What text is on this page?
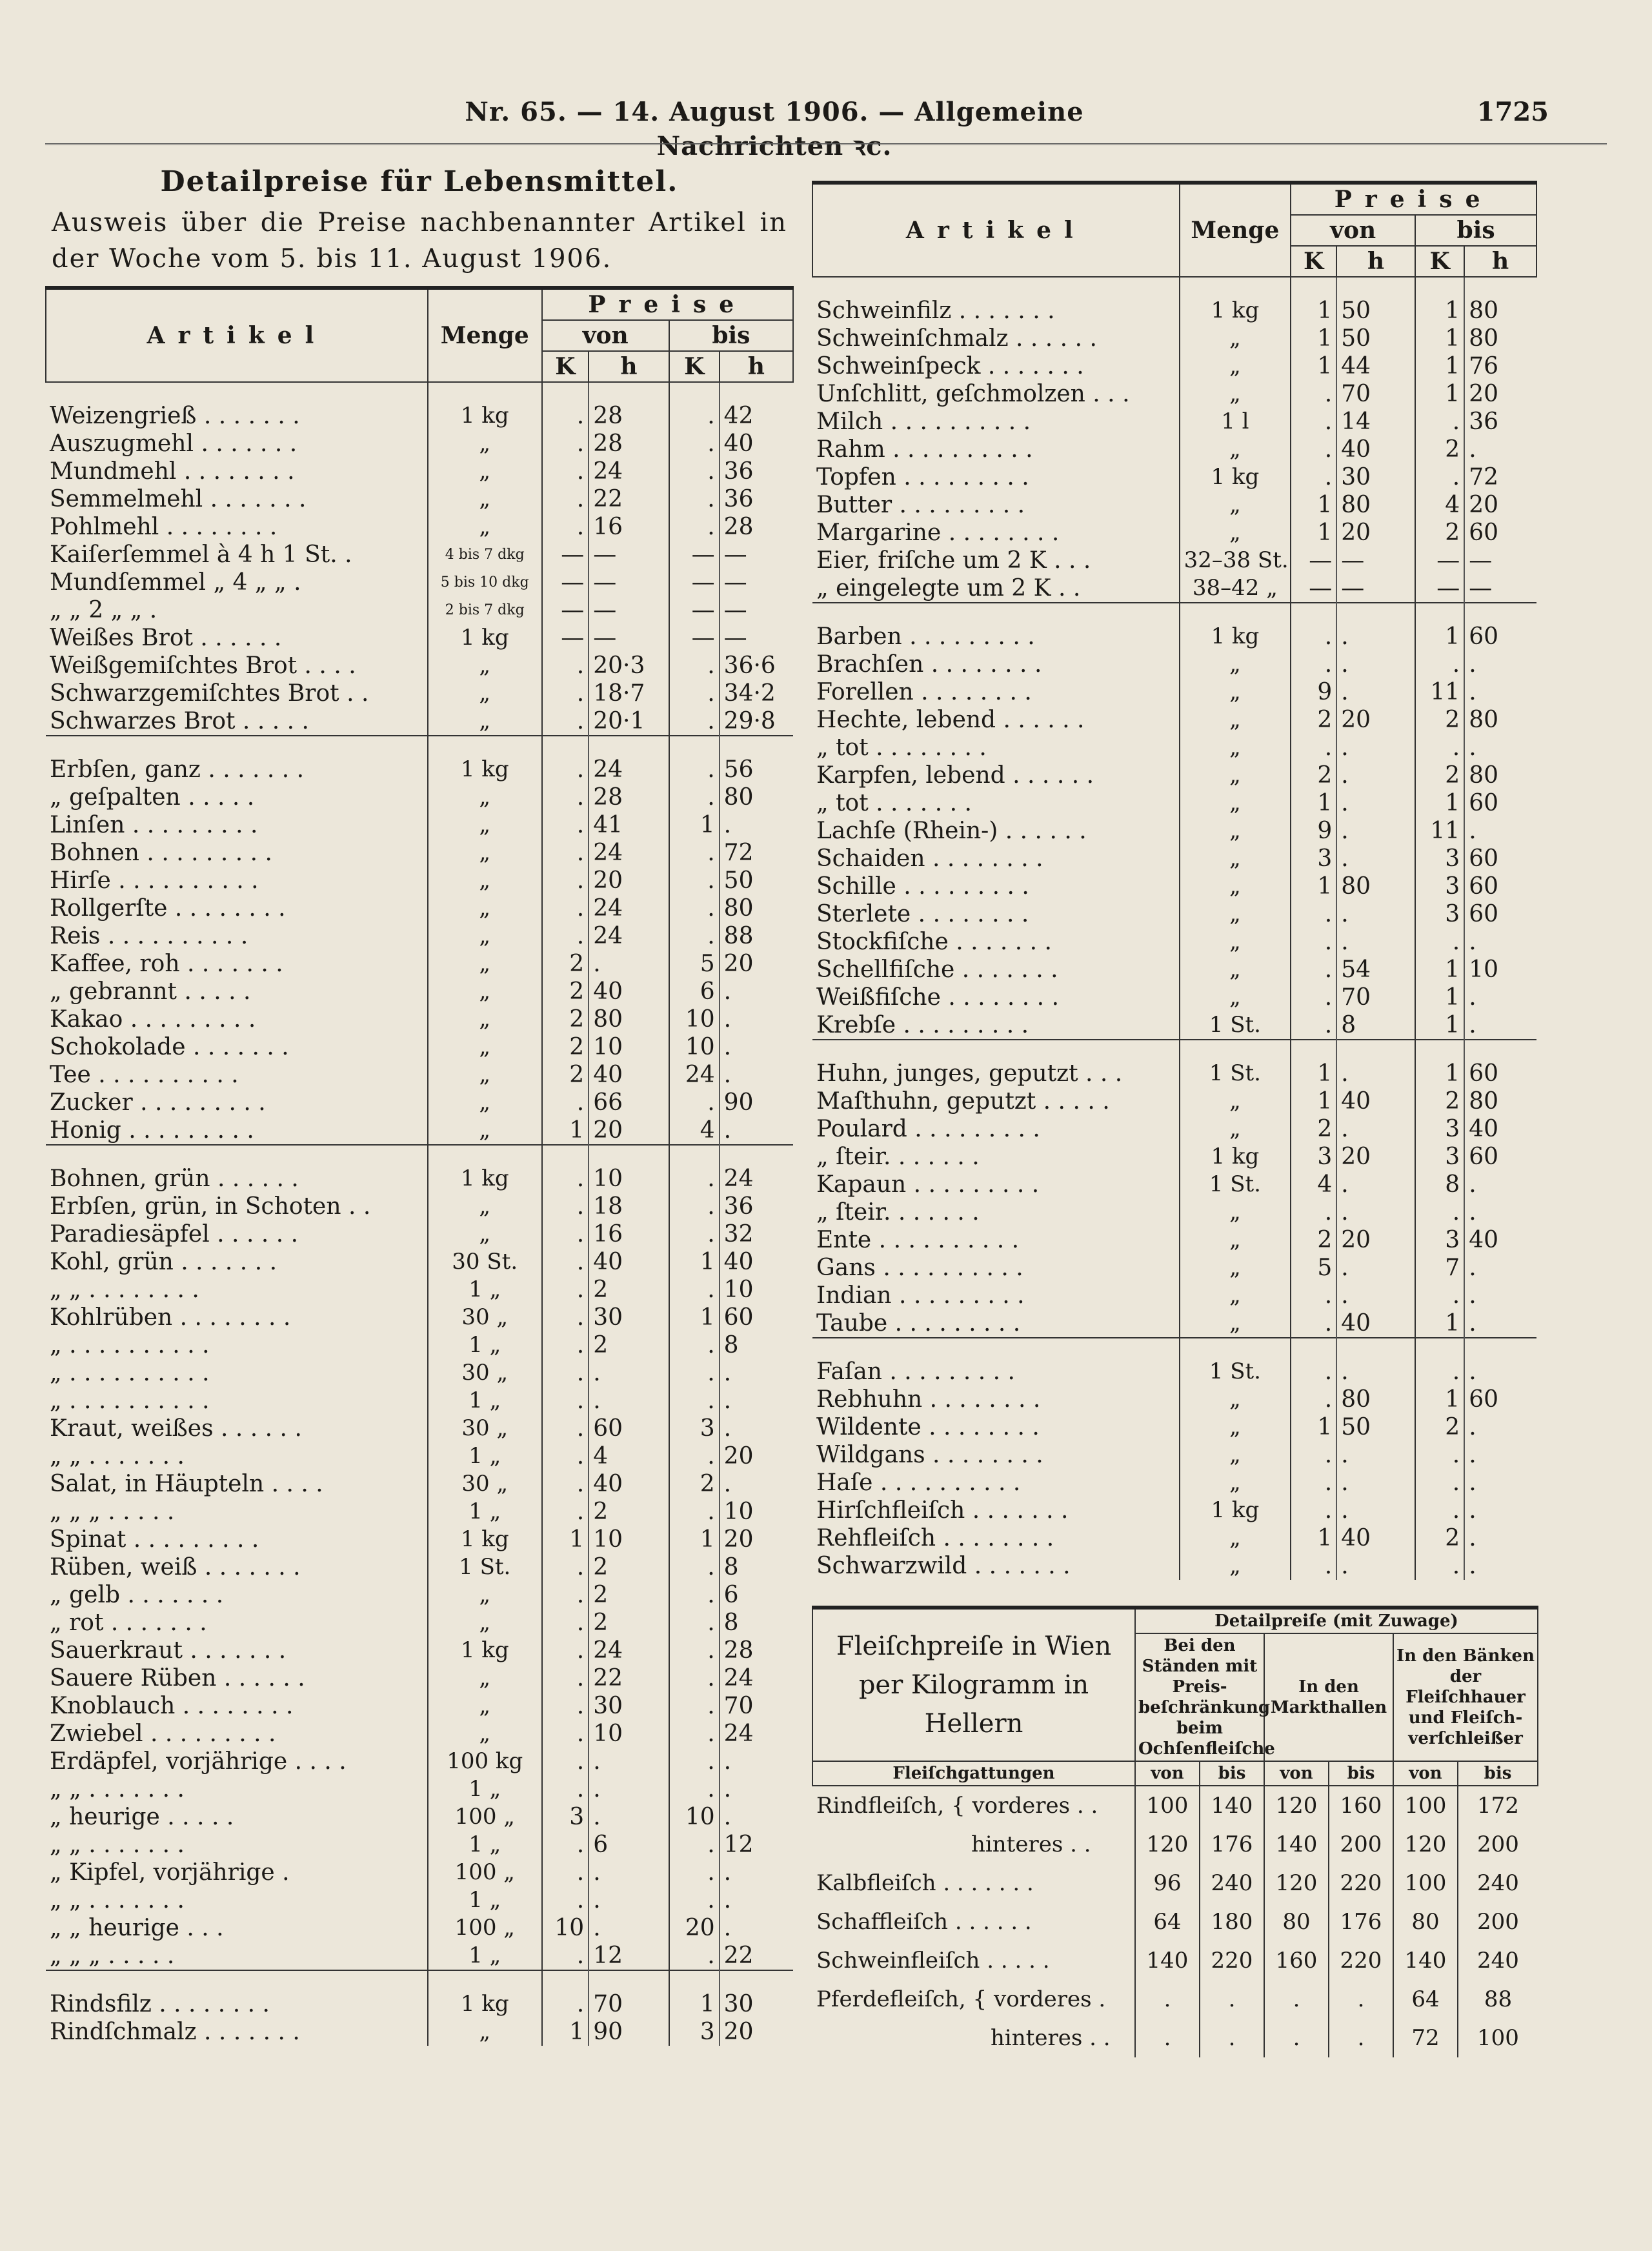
Nr. 65. — 14. August 1906. — Allgemeine Nachrichten ꝛc.
1725
Detailpreise für Lebensmittel.
Ausweis über die Preise nachbenannter Artikel in der Woche vom 5. bis 11. August 1906.
Artikel	Menge	Preise			
		von		bis	
		K	h	K	h

Weizengrieß . . . . . . .	1 kg	.	28	.	42
Auszugmehl . . . . . . .	„	.	28	.	40
Mundmehl . . . . . . . .	„	.	24	.	36
Semmelmehl . . . . . . .	„	.	22	.	36
Pohlmehl . . . . . . . .	„	.	16	.	28
Kaiſerſemmel à 4 h 1 St. .	4 bis 7 dkg	—	—	—	—
Mundſemmel „ 4 „ „ .	5 bis 10 dkg	—	—	—	—
„ „ 2 „ „ .	2 bis 7 dkg	—	—	—	—
Weißes Brot . . . . . .	1 kg	—	—	—	—
Weißgemiſchtes Brot . . . .	„	.	20·3	.	36·6
Schwarzgemiſchtes Brot . .	„	.	18·7	.	34·2
Schwarzes Brot . . . . .	„	.	20·1	.	29·8

Erbſen, ganz . . . . . . .	1 kg	.	24	.	56
„ geſpalten . . . . .	„	.	28	.	80
Linſen . . . . . . . . .	„	.	41	1	.
Bohnen . . . . . . . . .	„	.	24	.	72
Hirſe . . . . . . . . . .	„	.	20	.	50
Rollgerſte . . . . . . . .	„	.	24	.	80
Reis . . . . . . . . . .	„	.	24	.	88
Kaffee, roh . . . . . . .	„	2	.	5	20
„ gebrannt . . . . .	„	2	40	6	.
Kakao . . . . . . . . .	„	2	80	10	.
Schokolade . . . . . . .	„	2	10	10	.
Tee . . . . . . . . . .	„	2	40	24	.
Zucker . . . . . . . . .	„	.	66	.	90
Honig . . . . . . . . .	„	1	20	4	.

Bohnen, grün . . . . . .	1 kg	.	10	.	24
Erbſen, grün, in Schoten . .	„	.	18	.	36
Paradiesäpfel . . . . . .	„	.	16	.	32
Kohl, grün . . . . . . .	30 St.	.	40	1	40
„ „ . . . . . . . .	1 „	.	2	.	10
Kohlrüben . . . . . . . .	30 „	.	30	1	60
„ . . . . . . . . . .	1 „	.	2	.	8
„ . . . . . . . . . .	30 „	.	.	.	.
„ . . . . . . . . . .	1 „	.	.	.	.
Kraut, weißes . . . . . .	30 „	.	60	3	.
„ „ . . . . . . .	1 „	.	4	.	20
Salat, in Häupteln . . . .	30 „	.	40	2	.
„ „ „ . . . . .	1 „	.	2	.	10
Spinat . . . . . . . . .	1 kg	1	10	1	20
Rüben, weiß . . . . . . .	1 St.	.	2	.	8
„ gelb . . . . . . .	„	.	2	.	6
„ rot . . . . . . .	„	.	2	.	8
Sauerkraut . . . . . . .	1 kg	.	24	.	28
Sauere Rüben . . . . . .	„	.	22	.	24
Knoblauch . . . . . . . .	„	.	30	.	70
Zwiebel . . . . . . . . .	„	.	10	.	24
Erdäpfel, vorjährige . . . .	100 kg	.	.	.	.
„ „ . . . . . . .	1 „	.	.	.	.
„ heurige . . . . .	100 „	3	.	10	.
„ „ . . . . . . .	1 „	.	6	.	12
„ Kipfel, vorjährige .	100 „	.	.	.	.
„ „ . . . . . . .	1 „	.	.	.	.
„ „ heurige . . .	100 „	10	.	20	.
„ „ „ . . . . .	1 „	.	12	.	22

Rindsfilz . . . . . . . .	1 kg	.	70	1	30
Rindſchmalz . . . . . . .	„	1	90	3	20
Artikel	Menge	Preise			
		von		bis	
		K	h	K	h

Schweinfilz . . . . . . .	1 kg	1	50	1	80
Schweinſchmalz . . . . . .	„	1	50	1	80
Schweinſpeck . . . . . . .	„	1	44	1	76
Unſchlitt, geſchmolzen . . .	„	.	70	1	20
Milch . . . . . . . . . .	1 l	.	14	.	36
Rahm . . . . . . . . . .	„	.	40	2	.
Topfen . . . . . . . . .	1 kg	.	30	.	72
Butter . . . . . . . . .	„	1	80	4	20
Margarine . . . . . . . .	„	1	20	2	60
Eier, friſche um 2 K . . .	32–38 St.	—	—	—	—
„ eingelegte um 2 K . .	38–42 „	—	—	—	—

Barben . . . . . . . . .	1 kg	.	.	1	60
Brachſen . . . . . . . .	„	.	.	.	.
Forellen . . . . . . . .	„	9	.	11	.
Hechte, lebend . . . . . .	„	2	20	2	80
„ tot . . . . . . . .	„	.	.	.	.
Karpfen, lebend . . . . . .	„	2	.	2	80
„ tot . . . . . . .	„	1	.	1	60
Lachſe (Rhein-) . . . . . .	„	9	.	11	.
Schaiden . . . . . . . .	„	3	.	3	60
Schille . . . . . . . . .	„	1	80	3	60
Sterlete . . . . . . . .	„	.	.	3	60
Stockfiſche . . . . . . .	„	.	.	.	.
Schellfiſche . . . . . . .	„	.	54	1	10
Weißfiſche . . . . . . . .	„	.	70	1	.
Krebſe . . . . . . . . .	1 St.	.	8	1	.

Huhn, junges, geputzt . . .	1 St.	1	.	1	60
Maſthuhn, geputzt . . . . .	„	1	40	2	80
Poulard . . . . . . . . .	„	2	.	3	40
„ ſteir. . . . . . .	1 kg	3	20	3	60
Kapaun . . . . . . . . .	1 St.	4	.	8	.
„ ſteir. . . . . . .	„	.	.	.	.
Ente . . . . . . . . . .	„	2	20	3	40
Gans . . . . . . . . . .	„	5	.	7	.
Indian . . . . . . . . .	„	.	.	.	.
Taube . . . . . . . . .	„	.	40	1	.

Faſan . . . . . . . . .	1 St.	.	.	.	.
Rebhuhn . . . . . . . .	„	.	80	1	60
Wildente . . . . . . . .	„	1	50	2	.
Wildgans . . . . . . . .	„	.	.	.	.
Haſe . . . . . . . . . .	„	.	.	.	.
Hirſchfleiſch . . . . . . .	1 kg	.	.	.	.
Rehfleiſch . . . . . . . .	„	1	40	2	.
Schwarzwild . . . . . . .	„	.	.	.	.
Fleiſchpreiſe in Wien per Kilogramm in Hellern	Detailpreiſe (mit Zuwage)					
	Bei den Ständen mit Preis-beſchränkung beim Ochſenfleiſche		In den Markthallen		In den Bänken der Fleiſchhauer und Fleiſch-verſchleißer	
Fleiſchgattungen	von	bis	von	bis	von	bis
Rindfleiſch, { vorderes . .	100	140	120	160	100	172
hinteres . .	120	176	140	200	120	200
Kalbfleiſch . . . . . . .	96	240	120	220	100	240
Schaffleiſch . . . . . .	64	180	80	176	80	200
Schweinfleiſch . . . . .	140	220	160	220	140	240
Pferdefleiſch, { vorderes .	.	.	.	.	64	88
hinteres . .	.	.	.	.	72	100
